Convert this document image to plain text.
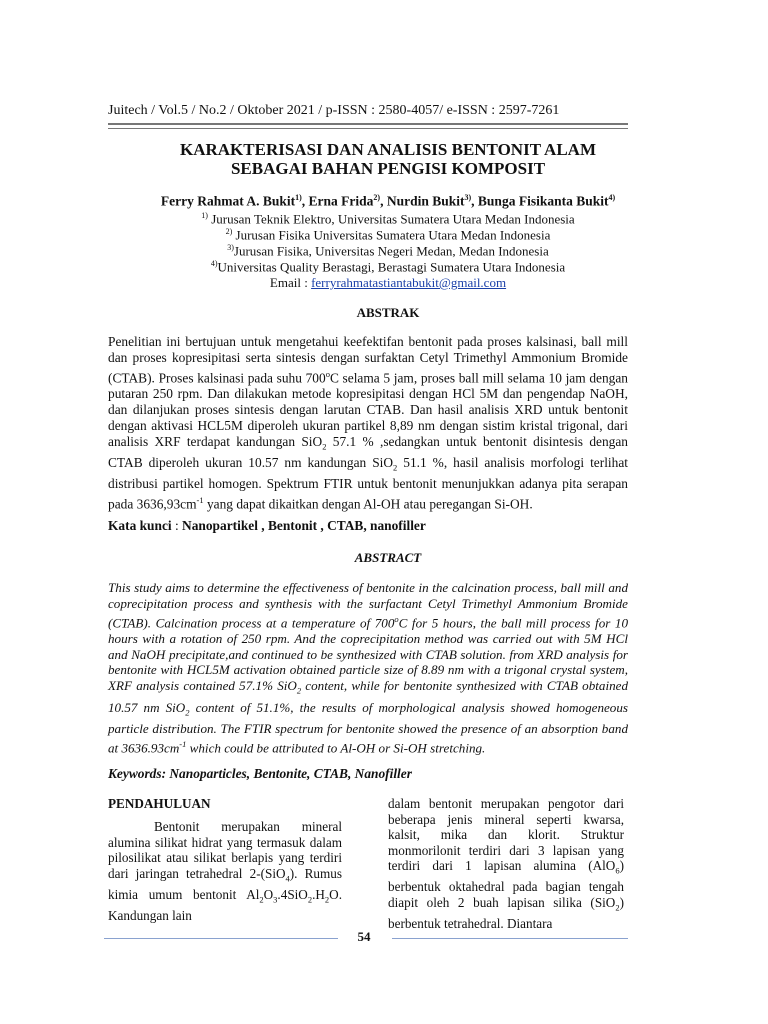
Juitech / Vol.5 / No.2 / Oktober 2021 / p-ISSN : 2580-4057/ e-ISSN : 2597-7261
KARAKTERISASI DAN ANALISIS BENTONIT ALAM
SEBAGAI BAHAN PENGISI KOMPOSIT
Ferry Rahmat A. Bukit$^{1)}$, Erna Frida$^{2)}$, Nurdin Bukit$^{3)}$, Bunga Fisikanta Bukit$^{4)}$
$^{1)}$ Jurusan Teknik Elektro, Universitas Sumatera Utara Medan Indonesia
$^{2)}$ Jurusan Fisika Universitas Sumatera Utara Medan Indonesia
$^{3)}$Jurusan Fisika, Universitas Negeri Medan, Medan Indonesia
$^{4)}$Universitas Quality Berastagi, Berastagi Sumatera Utara Indonesia
Email : ferryrahmatastiantabukit@gmail.com
ABSTRAK
Penelitian ini bertujuan untuk mengetahui keefektifan bentonit pada proses kalsinasi, ball mill dan proses kopresipitasi serta sintesis dengan surfaktan Cetyl Trimethyl Ammonium Bromide (CTAB). Proses kalsinasi pada suhu 700$^o$C selama 5 jam, proses ball mill selama 10 jam dengan putaran 250 rpm. Dan dilakukan metode kopresipitasi dengan HCl 5M dan pengendap NaOH, dan dilanjukan proses sintesis dengan larutan CTAB. Dan hasil analisis XRD untuk bentonit dengan aktivasi HCL5M diperoleh ukuran partikel 8,89 nm dengan sistim kristal trigonal, dari analisis XRF terdapat kandungan SiO$_2$ 57.1 % ,sedangkan untuk bentonit disintesis dengan CTAB diperoleh ukuran 10.57 nm kandungan SiO$_2$ 51.1 %, hasil analisis morfologi terlihat distribusi partikel homogen. Spektrum FTIR untuk bentonit menunjukkan adanya pita serapan pada $3636,93cm^{-1}$ yang dapat dikaitkan dengan Al-OH atau peregangan Si-OH.
Kata kunci : Nanopartikel , Bentonit , CTAB, nanofiller
ABSTRACT
This study aims to determine the effectiveness of bentonite in the calcination process, ball mill and coprecipitation process and synthesis with the surfactant Cetyl Trimethyl Ammonium Bromide (CTAB). Calcination process at a temperature of 700$^o$C for 5 hours, the ball mill process for 10 hours with a rotation of 250 rpm. And the coprecipitation method was carried out with 5M HCl and NaOH precipitate,and continued to be synthesized with CTAB solution. from XRD analysis for bentonite with HCL5M activation obtained particle size of 8.89 nm with a trigonal crystal system, XRF analysis contained 57.1% SiO$_2$ content, while for bentonite synthesized with CTAB obtained 10.57 nm SiO$_2$ content of 51.1%, the results of morphological analysis showed homogeneous particle distribution. The FTIR spectrum for bentonite showed the presence of an absorption band at $3636.93cm^{-1}$ which could be attributed to Al-OH or Si-OH stretching.
Keywords: Nanoparticles, Bentonite, CTAB, Nanofiller
PENDAHULUAN
Bentonit merupakan mineral alumina silikat hidrat yang termasuk dalam pilosilikat atau silikat berlapis yang terdiri dari jaringan tetrahedral 2-(SiO$_4$). Rumus kimia umum bentonit $Al_2O_3.4SiO_2.H_2O$. Kandungan lain
dalam bentonit merupakan pengotor dari beberapa jenis mineral seperti kwarsa, kalsit, mika dan klorit. Struktur monmorilonit terdiri dari 3 lapisan yang terdiri dari 1 lapisan alumina (AlO$_6$) berbentuk oktahedral pada bagian tengah diapit oleh 2 buah lapisan silika (SiO$_2$) berbentuk tetrahedral. Diantara
54
